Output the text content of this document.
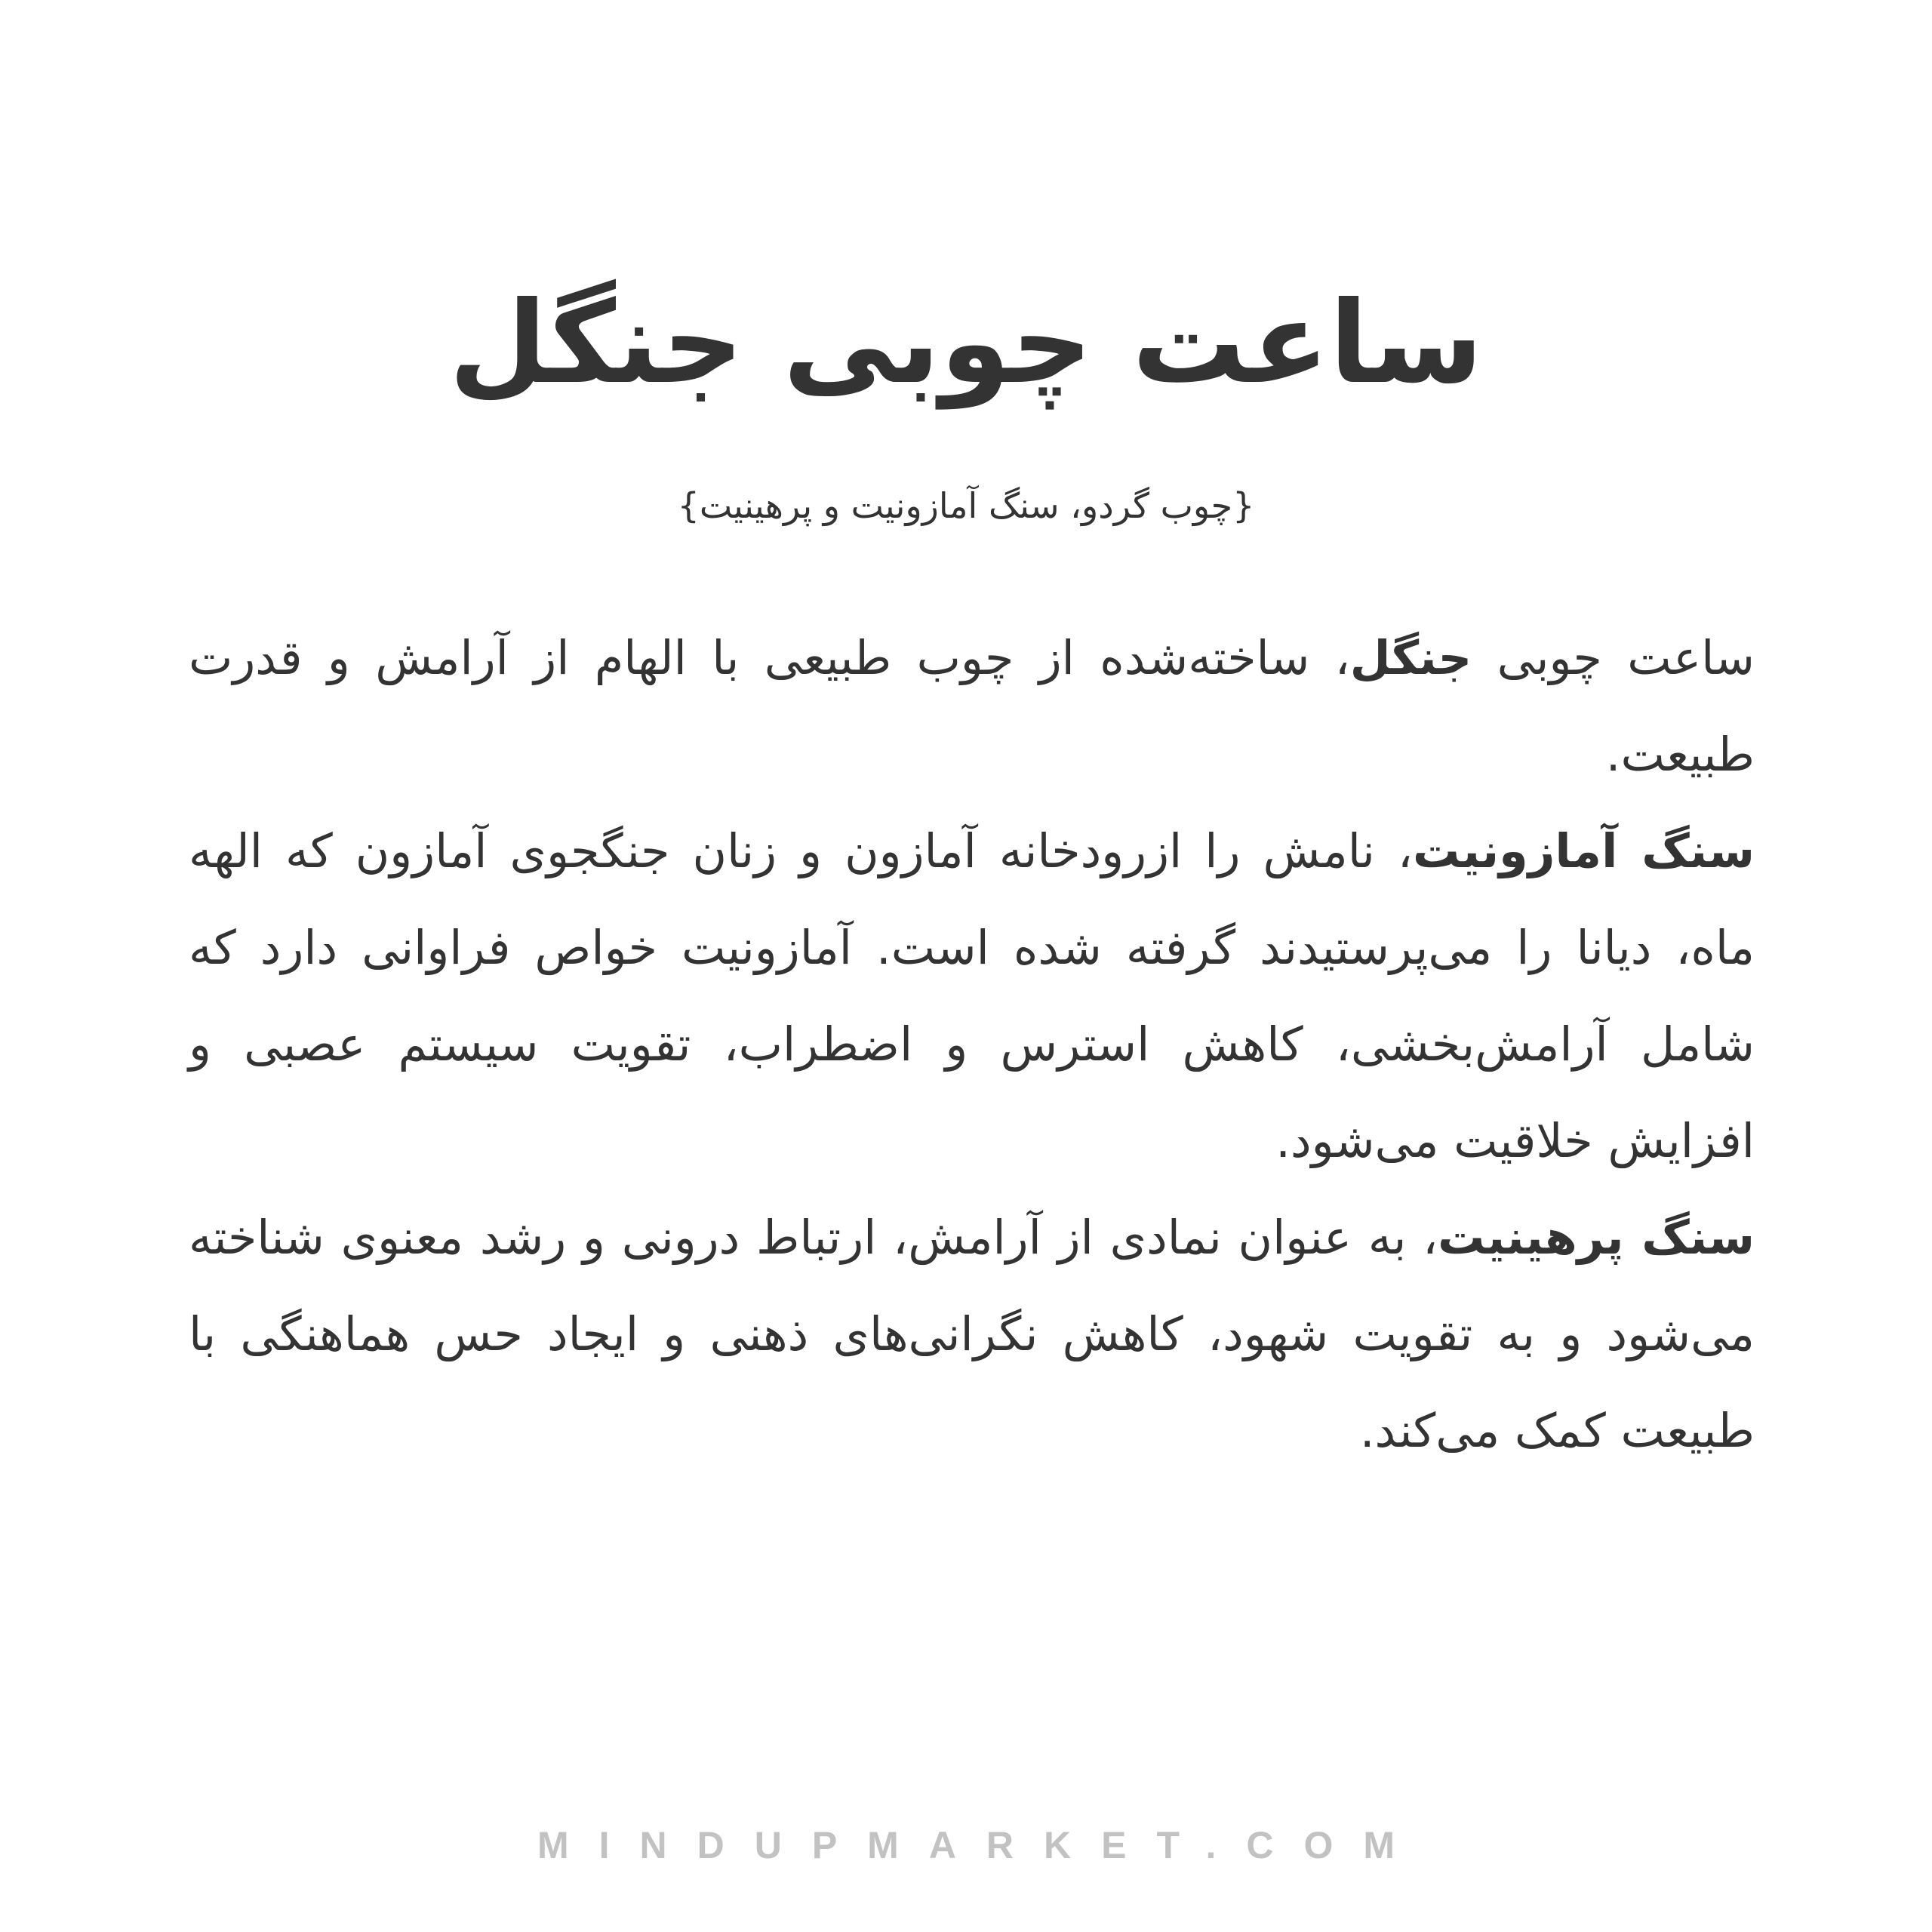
ساعت چوبی جنگل

{چوب گردو، سنگ آمازونیت و پرهینیت}

ساعت چوبی جنگل، ساخته‌شده از چوب طبیعی با الهام از آرامش و قدرت طبیعت.

سنگ آمازونیت، نامش را ازرودخانه آمازون و زنان جنگجوی آمازون که الهه ماه، دیانا را می‌پرستیدند گرفته شده است. آمازونیت خواص فراوانی دارد که شامل آرامش‌بخشی، کاهش استرس و اضطراب، تقویت سیستم عصبی و افزایش خلاقیت می‌شود.

سنگ پرهینیت، به عنوان نمادی از آرامش، ارتباط درونی و رشد معنوی شناخته می‌شود و به تقویت شهود، کاهش نگرانی‌های ذهنی و ایجاد حس هماهنگی با طبیعت کمک می‌کند.

MINDUPMARKET.COM
